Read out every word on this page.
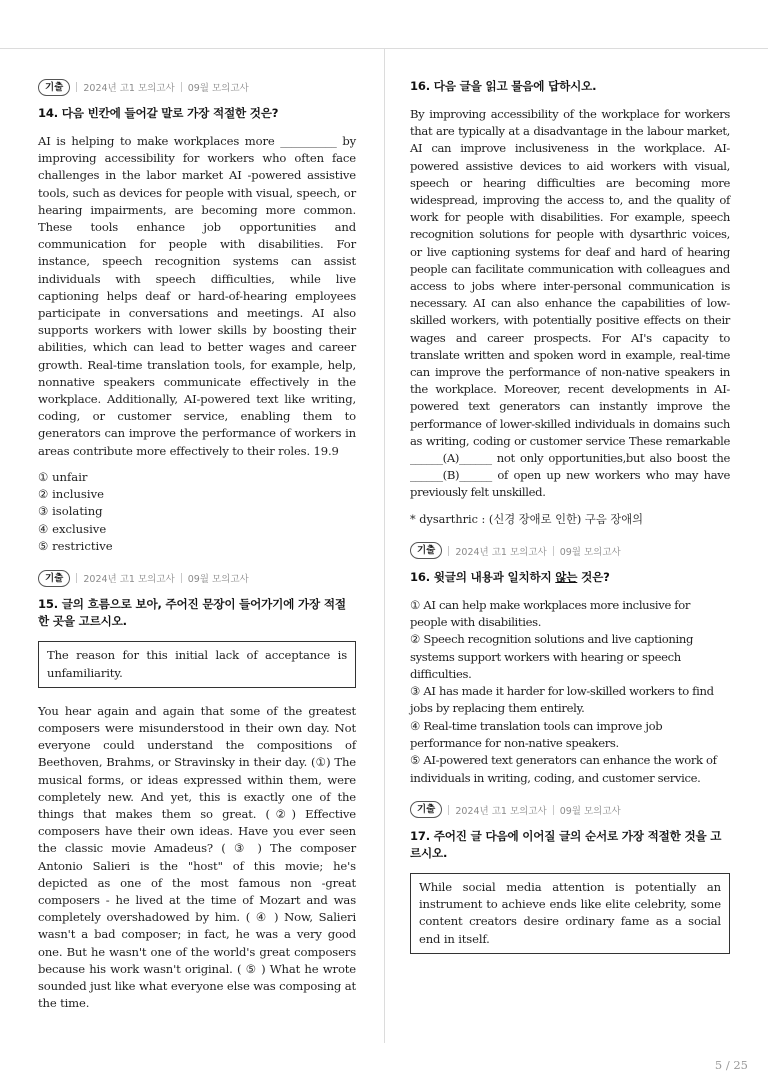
기출	2024년 고1 모의고사 09월 모의고사
14. 다음 빈칸에 들어갈 말로 가장 적절한 것은?

AI is helping to make workplaces more __________ by improving accessibility for workers who often face challenges in the labor market AI -powered assistive tools, such as devices for people with visual, speech, or hearing impairments, are becoming more common. These tools enhance job opportunities and communication for people with disabilities. For instance, speech recognition systems can assist individuals with speech difficulties, while live captioning helps deaf or hard-of-hearing employees participate in conversations and meetings. AI also supports workers with lower skills by boosting their abilities, which can lead to better wages and career growth. Real-time translation tools, for example, help, nonnative speakers communicate effectively in the workplace. Additionally, AI-powered text like writing, coding, or customer service, enabling them to generators can improve the performance of workers in areas contribute more effectively to their roles. 19.9

① unfair
② inclusive
③ isolating
④ exclusive
⑤ restrictive
기출	2024년 고1 모의고사 09월 모의고사
15. 글의 흐름으로 보아, 주어진 문장이 들어가기에 가장 적절한 곳을 고르시오.
The reason for this initial lack of acceptance is unfamiliarity.

You hear again and again that some of the greatest composers were misunderstood in their own day. Not everyone could understand the compositions of Beethoven, Brahms, or Stravinsky in their day. (①) The musical forms, or ideas expressed within them, were completely new. And yet, this is exactly one of the things that makes them so great. (②) Effective composers have their own ideas. Have you ever seen the classic movie Amadeus? ( ③ ) The composer Antonio Salieri is the "host" of this movie; he's depicted as one of the most famous non -great composers - he lived at the time of Mozart and was completely overshadowed by him. ( ④ ) Now, Salieri wasn't a bad composer; in fact, he was a very good one. But he wasn't one of the world's great composers because his work wasn't original. ( ⑤ ) What he wrote sounded just like what everyone else was composing at the time.

16. 다음 글을 읽고 물음에 답하시오.

By improving accessibility of the workplace for workers that are typically at a disadvantage in the labour market, AI can improve inclusiveness in the workplace. AI-powered assistive devices to aid workers with visual, speech or hearing difficulties are becoming more widespread, improving the access to, and the quality of work for people with disabilities. For example, speech recognition solutions for people with dysarthric voices, or live captioning systems for deaf and hard of hearing people can facilitate communication with colleagues and access to jobs where inter-personal communication is necessary. AI can also enhance the capabilities of low-skilled workers, with potentially positive effects on their wages and career prospects. For AI's capacity to translate written and spoken word in example, real-time can improve the performance of non-native speakers in the workplace. Moreover, recent developments in AI-powered text generators can instantly improve the performance of lower-skilled individuals in domains such as writing, coding or customer service These remarkable ______(A)______ not only opportunities,but also boost the ______(B)______ of open up new workers who may have previously felt unskilled.

* dysarthric : (신경 장애로 인한) 구음 장애의
기출	2024년 고1 모의고사 09월 모의고사
16. 윗글의 내용과 일치하지 않는 것은?
① AI can help make workplaces more inclusive for people with disabilities.
② Speech recognition solutions and live captioning systems support workers with hearing or speech difficulties.
③ AI has made it harder for low-skilled workers to find jobs by replacing them entirely.
④ Real-time translation tools can improve job performance for non-native speakers.
⑤ AI-powered text generators can enhance the work of individuals in writing, coding, and customer service.
기출	2024년 고1 모의고사 09월 모의고사
17. 주어진 글 다음에 이어질 글의 순서로 가장 적절한 것을 고르시오.
While social media attention is potentially an instrument to achieve ends like elite celebrity, some content creators desire ordinary fame as a social end in itself.
5 / 25
